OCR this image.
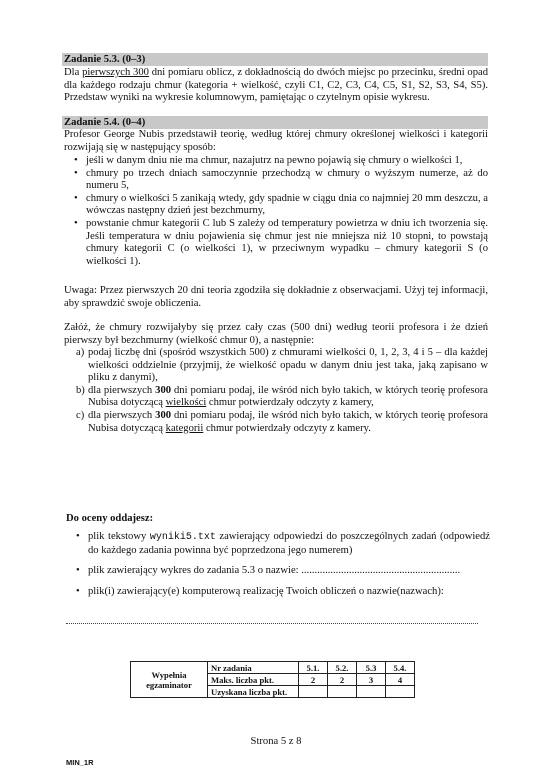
Zadanie 5.3. (0–3)
Dla pierwszych 300 dni pomiaru oblicz, z dokładnością do dwóch miejsc po przecinku, średni opad dla każdego rodzaju chmur (kategoria + wielkość, czyli C1, C2, C3, C4, C5, S1, S2, S3, S4, S5). Przedstaw wyniki na wykresie kolumnowym, pamiętając o czytelnym opisie wykresu.
Zadanie 5.4. (0–4)
Profesor George Nubis przedstawił teorię, według której chmury określonej wielkości i kategorii rozwijają się w następujący sposób:
• jeśli w danym dniu nie ma chmur, nazajutrz na pewno pojawią się chmury o wielkości 1,
• chmury po trzech dniach samoczynnie przechodzą w chmury o wyższym numerze, aż do numeru 5,
• chmury o wielkości 5 zanikają wtedy, gdy spadnie w ciągu dnia co najmniej 20 mm deszczu, a wówczas następny dzień jest bezchmurny,
• powstanie chmur kategorii C lub S zależy od temperatury powietrza w dniu ich tworzenia się. Jeśli temperatura w dniu pojawienia się chmur jest nie mniejsza niż 10 stopni, to powstają chmury kategorii C (o wielkości 1), w przeciwnym wypadku – chmury kategorii S (o wielkości 1).
Uwaga: Przez pierwszych 20 dni teoria zgodziła się dokładnie z obserwacjami. Użyj tej informacji, aby sprawdzić swoje obliczenia.
Załóż, że chmury rozwijałyby się przez cały czas (500 dni) według teorii profesora i że dzień pierwszy był bezchmurny (wielkość chmur 0), a następnie:
a) podaj liczbę dni (spośród wszystkich 500) z chmurami wielkości 0, 1, 2, 3, 4 i 5 – dla każdej wielkości oddzielnie (przyjmij, że wielkość opadu w danym dniu jest taka, jaką zapisano w pliku z danymi),
b) dla pierwszych 300 dni pomiaru podaj, ile wśród nich było takich, w których teorię profesora Nubisa dotyczącą wielkości chmur potwierdzały odczyty z kamery,
c) dla pierwszych 300 dni pomiaru podaj, ile wśród nich było takich, w których teorię profesora Nubisa dotyczącą kategorii chmur potwierdzały odczyty z kamery.
Do oceny oddajesz:
• plik tekstowy wyniki5.txt zawierający odpowiedzi do poszczególnych zadań (odpowiedź do każdego zadania powinna być poprzedzona jego numerem)
• plik zawierający wykres do zadania 5.3 o nazwie: ............................................................
• plik(i) zawierający(e) komputerową realizację Twoich obliczeń o nazwie(nazwach):
Wypełnia egzaminator	Nr zadania	5.1.	5.2.	5.3	5.4.
	Maks. liczba pkt.	2	2	3	4
	Uzyskana liczba pkt.				
Strona 5 z 8
MIN_1R
